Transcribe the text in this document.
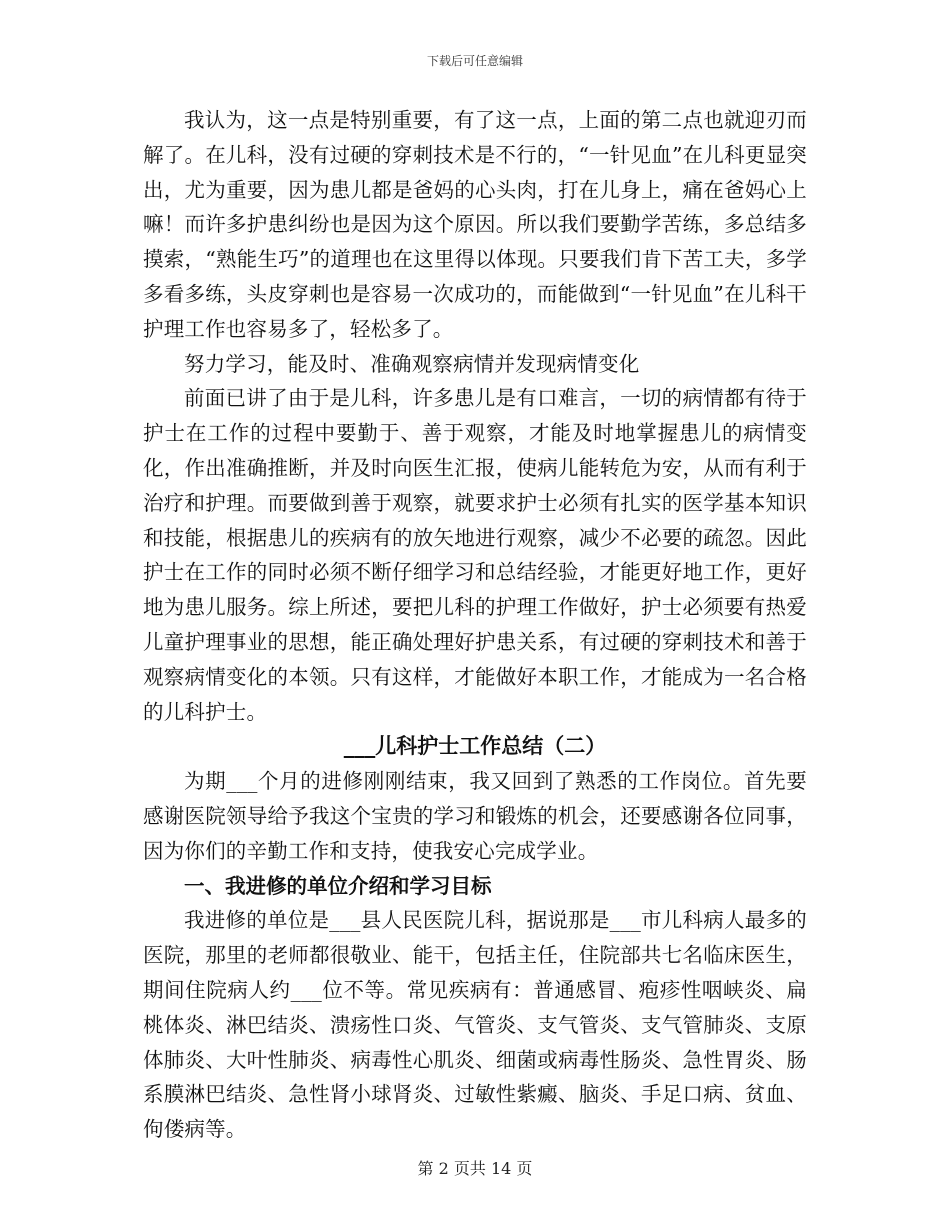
下载后可任意编辑

我认为，这一点是特别重要，有了这一点，上面的第二点也就迎刃而解了。在儿科，没有过硬的穿刺技术是不行的，“一针见血”在儿科更显突出，尤为重要，因为患儿都是爸妈的心头肉，打在儿身上，痛在爸妈心上嘛！而许多护患纠纷也是因为这个原因。所以我们要勤学苦练，多总结多摸索，“熟能生巧”的道理也在这里得以体现。只要我们肯下苦工夫，多学多看多练，头皮穿刺也是容易一次成功的，而能做到“一针见血”在儿科干护理工作也容易多了，轻松多了。

努力学习，能及时、准确观察病情并发现病情变化

前面已讲了由于是儿科，许多患儿是有口难言，一切的病情都有待于护士在工作的过程中要勤于、善于观察，才能及时地掌握患儿的病情变化，作出准确推断，并及时向医生汇报，使病儿能转危为安，从而有利于治疗和护理。而要做到善于观察，就要求护士必须有扎实的医学基本知识和技能，根据患儿的疾病有的放矢地进行观察，减少不必要的疏忽。因此护士在工作的同时必须不断仔细学习和总结经验，才能更好地工作，更好地为患儿服务。综上所述，要把儿科的护理工作做好，护士必须要有热爱儿童护理事业的思想，能正确处理好护患关系，有过硬的穿刺技术和善于观察病情变化的本领。只有这样，才能做好本职工作，才能成为一名合格的儿科护士。

___儿科护士工作总结（二）

为期___个月的进修刚刚结束，我又回到了熟悉的工作岗位。首先要感谢医院领导给予我这个宝贵的学习和锻炼的机会，还要感谢各位同事，因为你们的辛勤工作和支持，使我安心完成学业。

一、我进修的单位介绍和学习目标

我进修的单位是___县人民医院儿科，据说那是___市儿科病人最多的医院，那里的老师都很敬业、能干，包括主任，住院部共七名临床医生，期间住院病人约___位不等。常见疾病有：普通感冒、疱疹性咽峡炎、扁桃体炎、淋巴结炎、溃疡性口炎、气管炎、支气管炎、支气管肺炎、支原体肺炎、大叶性肺炎、病毒性心肌炎、细菌或病毒性肠炎、急性胃炎、肠系膜淋巴结炎、急性肾小球肾炎、过敏性紫癜、脑炎、手足口病、贫血、佝偻病等。

第 2 页共 14 页
